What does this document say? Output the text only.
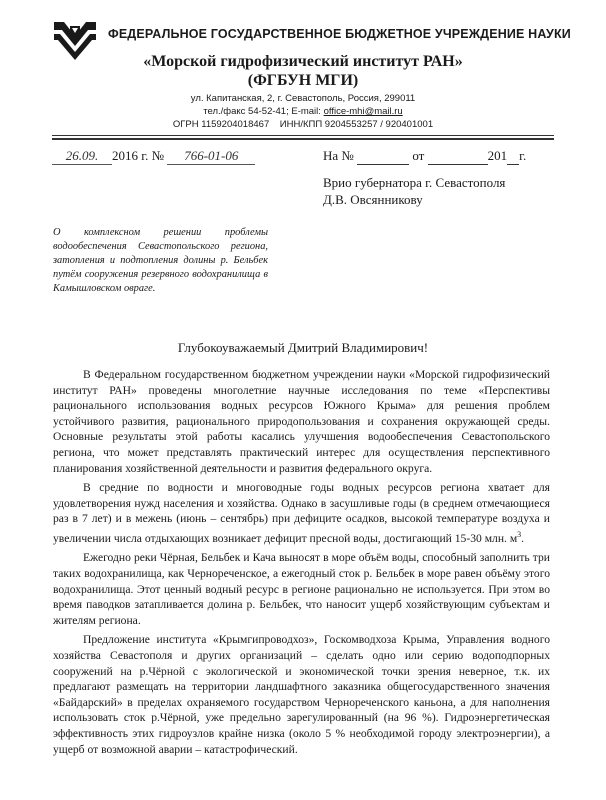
ФЕДЕРАЛЬНОЕ ГОСУДАРСТВЕННОЕ БЮДЖЕТНОЕ УЧРЕЖДЕНИЕ НАУКИ
«Морской гидрофизический институт РАН»
(ФГБУН МГИ)
ул. Капитанская, 2, г. Севастополь, Россия, 299011
тел./факс 54-52-41; E-mail: office-mhi@mail.ru
ОГРН 1159204018467    ИНН/КПП 9204553257 / 920401001
26.09. 2016 г. № 766-01-06	На №	от	201 г.
Врио губернатора г. Севастополя
Д.В. Овсянникову
О комплексном решении проблемы водообеспечения Севастопольского региона, затопления и подтопления долины р. Бельбек путём сооружения резервного водохранилища в Камышловском овраге.
Глубокоуважаемый Дмитрий Владимирович!

В Федеральном государственном бюджетном учреждении науки «Морской гидрофизический институт РАН» проведены многолетние научные исследования по теме «Перспективы рационального использования водных ресурсов Южного Крыма» для решения проблем устойчивого развития, рационального природопользования и сохранения окружающей среды. Основные результаты этой работы касались улучшения водообеспечения Севастопольского региона, что может представлять практический интерес для осуществления перспективного планирования хозяйственной деятельности и развития федерального округа.

В средние по водности и многоводные годы водных ресурсов региона хватает для удовлетворения нужд населения и хозяйства. Однако в засушливые годы (в среднем отмечающиеся раз в 7 лет) и в межень (июнь – сентябрь) при дефиците осадков, высокой температуре воздуха и увеличении числа отдыхающих возникает дефицит пресной воды, достигающий 15-30 млн. $м^3$.

Ежегодно реки Чёрная, Бельбек и Кача выносят в море объём воды, способный заполнить три таких водохранилища, как Чернореченское, а ежегодный сток р. Бельбек в море равен объёму этого водохранилища. Этот ценный водный ресурс в регионе рационально не используется. При этом во время паводков затапливается долина р. Бельбек, что наносит ущерб хозяйствующим субъектам и жителям региона.

Предложение института «Крымгипроводхоз», Госкомводхоза Крыма, Управления водного хозяйства Севастополя и других организаций – сделать одно или серию водоподпорных сооружений на р.Чёрной с экологической и экономической точки зрения неверное, т.к. их предлагают размещать на территории ландшафтного заказника общегосударственного значения «Байдарский» в пределах охраняемого государством Чернореченского каньона, а для наполнения использовать сток р.Чёрной, уже предельно зарегулированный (на 96 %). Гидроэнергетическая эффективность этих гидроузлов крайне низка (около 5 % необходимой городу электроэнергии), а ущерб от возможной аварии – катастрофический.
